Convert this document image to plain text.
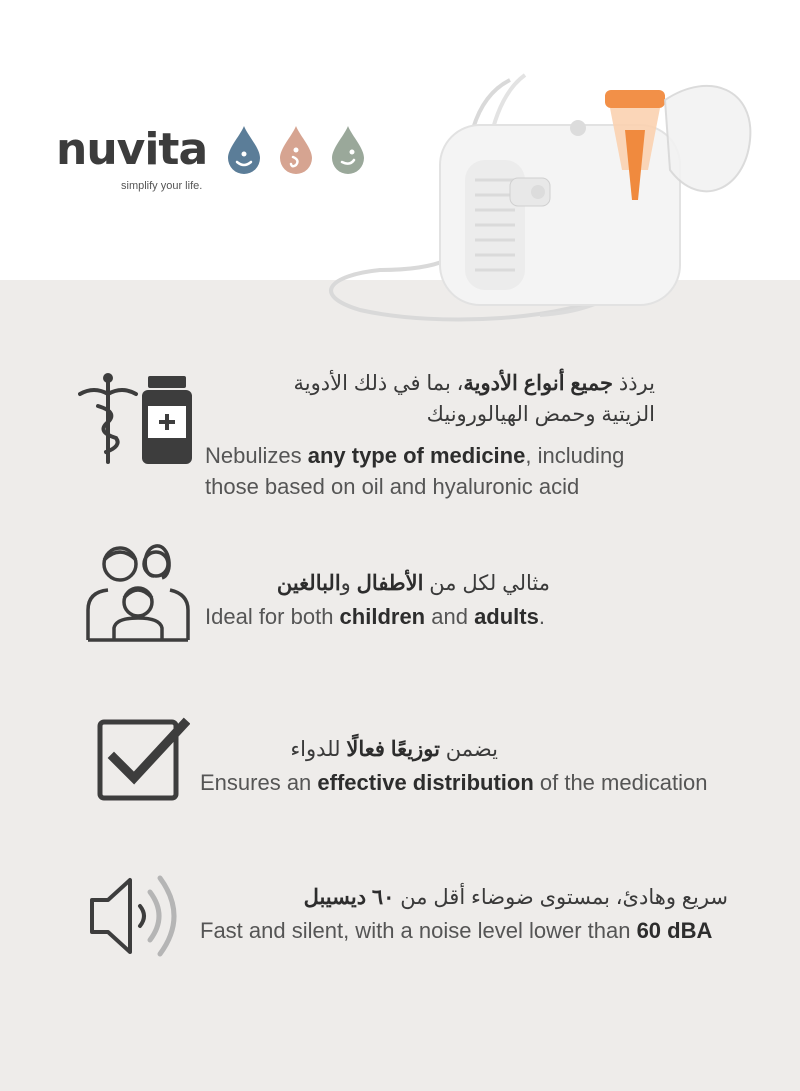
nuvita
simplify your life.
يرذذ جميع أنواع الأدوية، بما في ذلك الأدوية
الزيتية وحمض الهيالورونيك
Nebulizes any type of medicine, including
those based on oil and hyaluronic acid
مثالي لكل من الأطفال والبالغين
Ideal for both children and adults.
يضمن توزيعًا فعالًا للدواء
Ensures an effective distribution of the medication
سريع وهادئ، بمستوى ضوضاء أقل من ٦٠ ديسيبل
Fast and silent, with a noise level lower than 60 dBA
